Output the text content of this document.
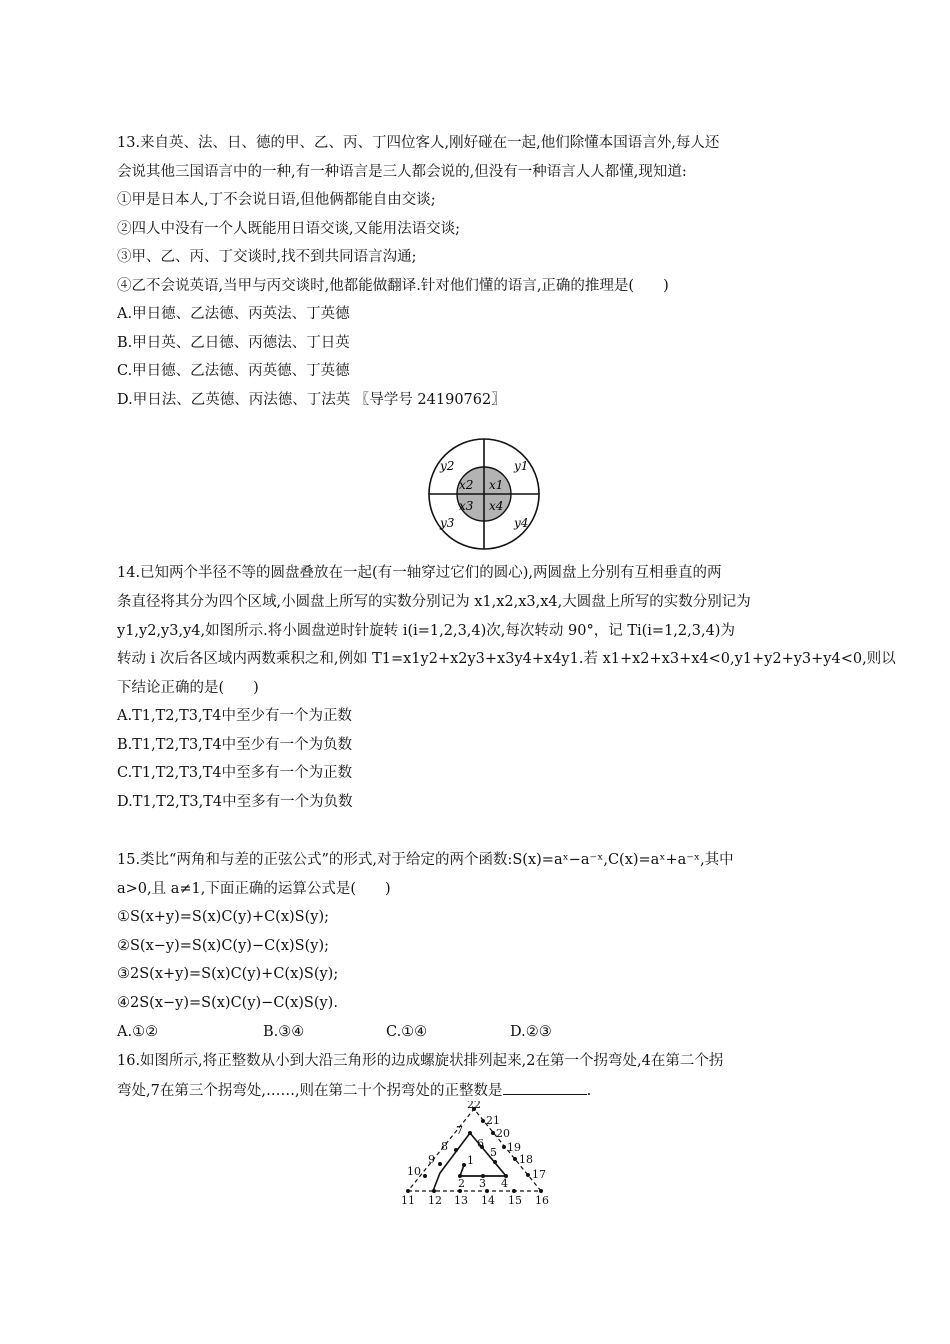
13.来自英、法、日、德的甲、乙、丙、丁四位客人,刚好碰在一起,他们除懂本国语言外,每人还
会说其他三国语言中的一种,有一种语言是三人都会说的,但没有一种语言人人都懂,现知道:
①甲是日本人,丁不会说日语,但他俩都能自由交谈;
②四人中没有一个人既能用日语交谈,又能用法语交谈;
③甲、乙、丙、丁交谈时,找不到共同语言沟通;
④乙不会说英语,当甲与丙交谈时,他都能做翻译.针对他们懂的语言,正确的推理是(　　)
A.甲日德、乙法德、丙英法、丁英德
B.甲日英、乙日德、丙德法、丁日英
C.甲日德、乙法德、丙英德、丁英德
D.甲日法、乙英德、丙法德、丁法英 〖导学号 24190762〗
x2 x1
x3 x4
y2	y1
y3	y4
14.已知两个半径不等的圆盘叠放在一起(有一轴穿过它们的圆心),两圆盘上分别有互相垂直的两
条直径将其分为四个区域,小圆盘上所写的实数分别记为 x1,x2,x3,x4,大圆盘上所写的实数分别记为
y1,y2,y3,y4,如图所示.将小圆盘逆时针旋转 i(i=1,2,3,4)次,每次转动 90°，记 Ti(i=1,2,3,4)为
转动 i 次后各区域内两数乘积之和,例如 T1=x1y2+x2y3+x3y4+x4y1.若 x1+x2+x3+x4<0,y1+y2+y3+y4<0,则以
下结论正确的是(　　)
A.T1,T2,T3,T4中至少有一个为正数
B.T1,T2,T3,T4中至少有一个为负数
C.T1,T2,T3,T4中至多有一个为正数
D.T1,T2,T3,T4中至多有一个为负数
15.类比“两角和与差的正弦公式”的形式,对于给定的两个函数:S(x)=aˣ−a⁻ˣ,C(x)=aˣ+a⁻ˣ,其中
a>0,且 a≠1,下面正确的运算公式是(　　)
①S(x+y)=S(x)C(y)+C(x)S(y);
②S(x−y)=S(x)C(y)−C(x)S(y);
③2S(x+y)=S(x)C(y)+C(x)S(y);
④2S(x−y)=S(x)C(y)−C(x)S(y).
A.①②	B.③④	C.①④	D.②③
16.如图所示,将正整数从小到大沿三角形的边成螺旋状排列起来,2在第一个拐弯处,4在第二个拐
弯处,7在第三个拐弯处,……,则在第二十个拐弯处的正整数是	.
1
2 3 4
5
6
7
8
9
10
11 12 13 14 15 16
17
18
19
20
21
22
